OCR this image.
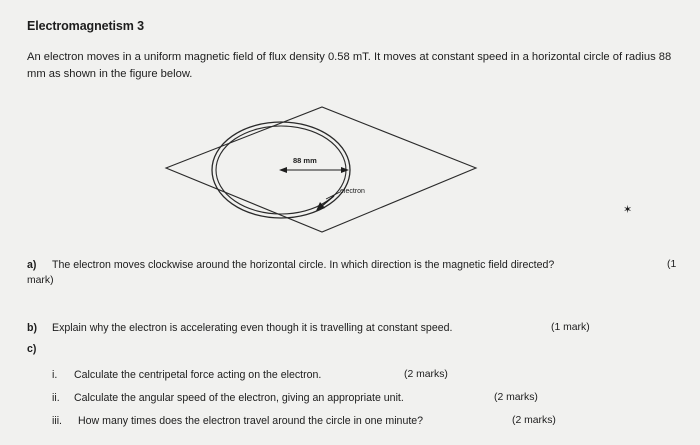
Electromagnetism 3
An electron moves in a uniform magnetic field of flux density 0.58 mT. It moves at constant speed in a horizontal circle of radius 88 mm as shown in the figure below.
88 mm
electron
✶
a) The electron moves clockwise around the horizontal circle. In which direction is the magnetic field directed?	(1
mark)
b) Explain why the electron is accelerating even though it is travelling at constant speed.	(1 mark)
c)
i. Calculate the centripetal force acting on the electron.	(2 marks)
ii. Calculate the angular speed of the electron, giving an appropriate unit.	(2 marks)
iii. How many times does the electron travel around the circle in one minute?	(2 marks)
